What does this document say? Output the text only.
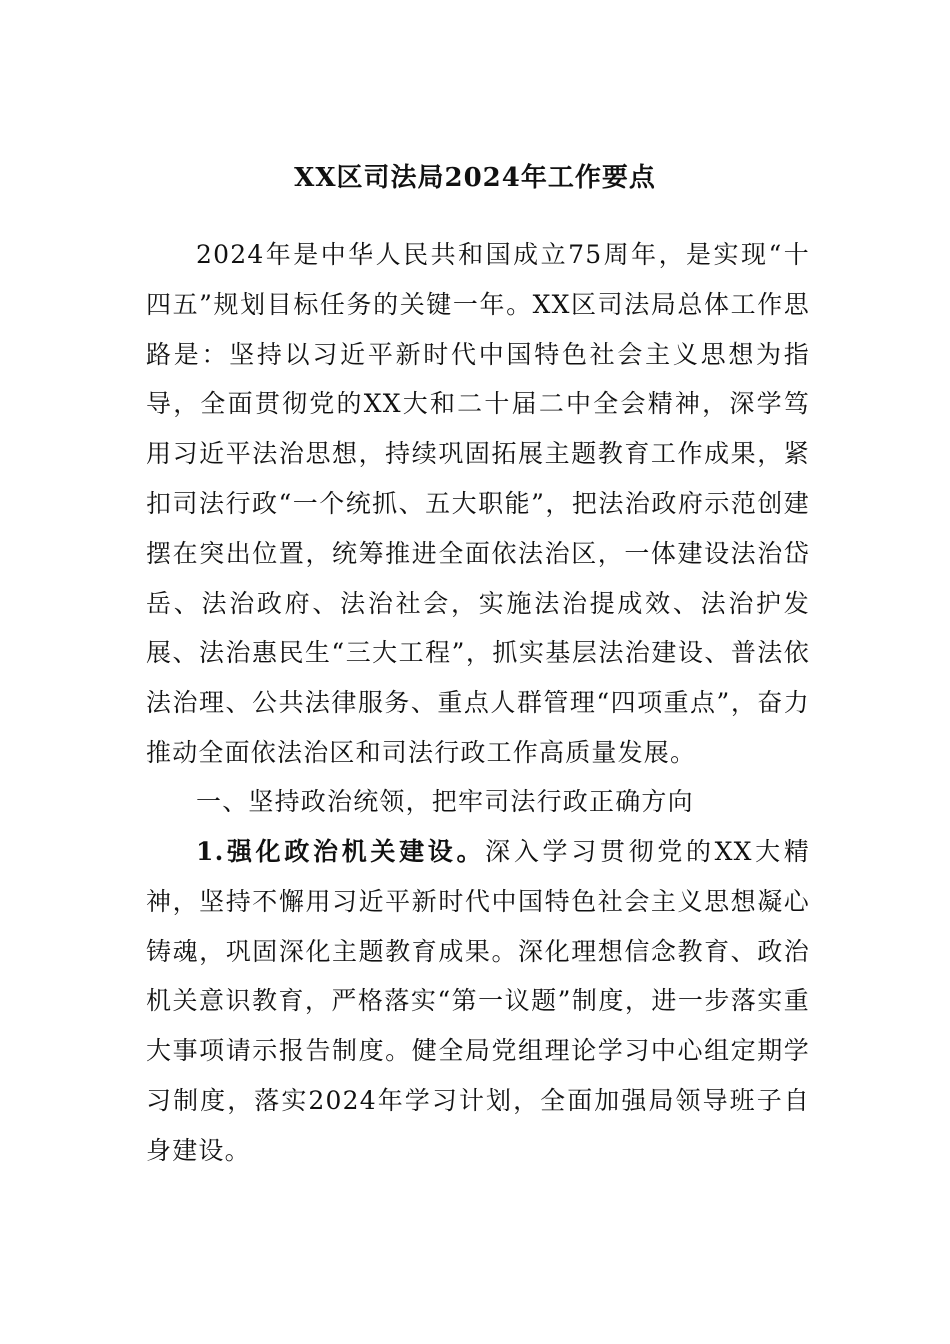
XX区司法局2024年工作要点

2024年是中华人民共和国成立75周年，是实现“十四五”规划目标任务的关键一年。XX区司法局总体工作思路是：坚持以习近平新时代中国特色社会主义思想为指导，全面贯彻党的XX大和二十届二中全会精神，深学笃用习近平法治思想，持续巩固拓展主题教育工作成果，紧扣司法行政“一个统抓、五大职能”，把法治政府示范创建摆在突出位置，统筹推进全面依法治区，一体建设法治岱岳、法治政府、法治社会，实施法治提成效、法治护发展、法治惠民生“三大工程”，抓实基层法治建设、普法依法治理、公共法律服务、重点人群管理“四项重点”，奋力推动全面依法治区和司法行政工作高质量发展。

一、坚持政治统领，把牢司法行政正确方向

1.强化政治机关建设。深入学习贯彻党的XX大精神，坚持不懈用习近平新时代中国特色社会主义思想凝心铸魂，巩固深化主题教育成果。深化理想信念教育、政治机关意识教育，严格落实“第一议题”制度，进一步落实重大事项请示报告制度。健全局党组理论学习中心组定期学习制度，落实2024年学习计划，全面加强局领导班子自身建设。
